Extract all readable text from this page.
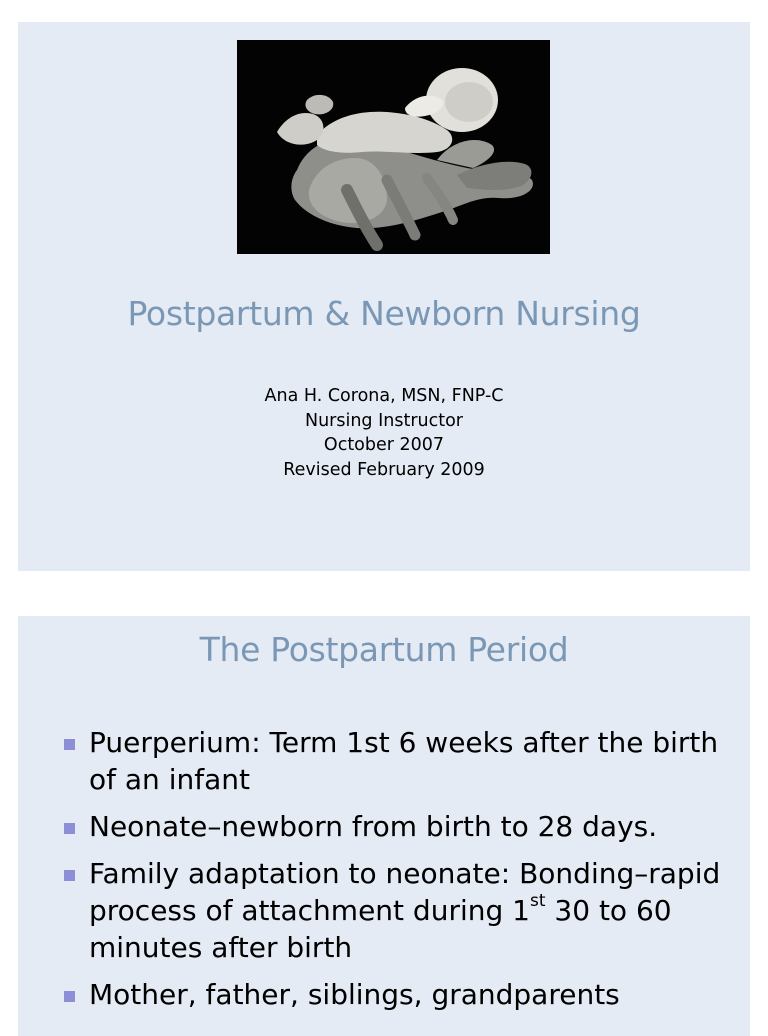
Postpartum & Newborn Nursing
Ana H. Corona, MSN, FNP-C
Nursing Instructor
October 2007
Revised February 2009
The Postpartum Period
Puerperium: Term 1st 6 weeks after the birth of an infant
Neonate–newborn from birth to 28 days.
Family adaptation to neonate: Bonding–rapid process of attachment during 1st 30 to 60 minutes after birth
Mother, father, siblings, grandparents
